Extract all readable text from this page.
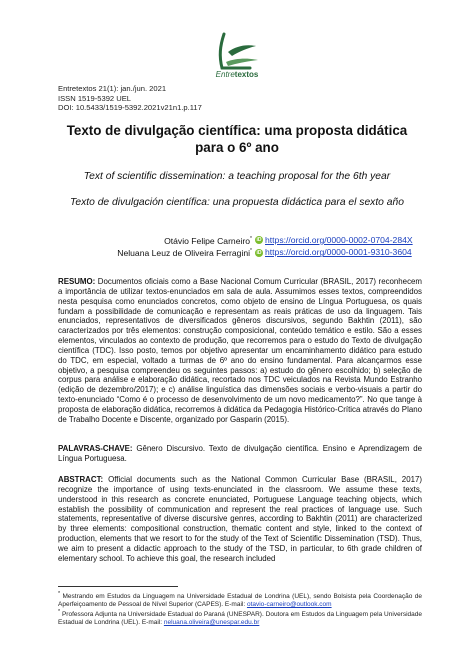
Entretextos
Entretextos 21(1): jan./jun. 2021
ISSN 1519-5392 UEL
DOI: 10.5433/1519-5392.2021v21n1.p.117
Texto de divulgação científica: uma proposta didática
para o 6º ano
Text of scientific dissemination: a teaching proposal for the 6th year
Texto de divulgación científica: una propuesta didáctica para el sexto año
Otávio Felipe Carneiro* iD https://orcid.org/0000-0002-0704-284X
Neluana Leuz de Oliveira Ferragini* iD https://orcid.org/0000-0001-9310-3604
RESUMO: Documentos oficiais como a Base Nacional Comum Curricular (BRASIL, 2017) reconhecem a importância de utilizar textos-enunciados em sala de aula. Assumimos esses textos, compreendidos nesta pesquisa como enunciados concretos, como objeto de ensino de Língua Portuguesa, os quais fundam a possibilidade de comunicação e representam as reais práticas de uso da linguagem. Tais enunciados, representativos de diversificados gêneros discursivos, segundo Bakhtin (2011), são caracterizados por três elementos: construção composicional, conteúdo temático e estilo. São a esses elementos, vinculados ao contexto de produção, que recorremos para o estudo do Texto de divulgação científica (TDC). Isso posto, temos por objetivo apresentar um encaminhamento didático para estudo do TDC, em especial, voltado a turmas de 6º ano do ensino fundamental. Para alcançarmos esse objetivo, a pesquisa compreendeu os seguintes passos: a) estudo do gênero escolhido; b) seleção de corpus para análise e elaboração didática, recortado nos TDC veiculados na Revista Mundo Estranho (edição de dezembro/2017); e c) análise linguística das dimensões sociais e verbo-visuais a partir do texto-enunciado “Como é o processo de desenvolvimento de um novo medicamento?”. No que tange à proposta de elaboração didática, recorremos à didática da Pedagogia Histórico-Crítica através do Plano de Trabalho Docente e Discente, organizado por Gasparin (2015).
PALAVRAS-CHAVE: Gênero Discursivo. Texto de divulgação científica. Ensino e Aprendizagem de Língua Portuguesa.
ABSTRACT: Official documents such as the National Common Curricular Base (BRASIL, 2017) recognize the importance of using texts-enunciated in the classroom. We assume these texts, understood in this research as concrete enunciated, Portuguese Language teaching objects, which establish the possibility of communication and represent the real practices of language use. Such statements, representative of diverse discursive genres, according to Bakhtin (2011) are characterized by three elements: compositional construction, thematic content and style, linked to the context of production, elements that we resort to for the study of the Text of Scientific Dissemination (TSD). Thus, we aim to present a didactic approach to the study of the TSD, in particular, to 6th grade children of elementary school. To achieve this goal, the research included
* Mestrando em Estudos da Linguagem na Universidade Estadual de Londrina (UEL), sendo Bolsista pela Coordenação de Aperfeiçoamento de Pessoal de Nível Superior (CAPES). E-mail: otavio-carneiro@outlook.com
* Professora Adjunta na Universidade Estadual do Paraná (UNESPAR). Doutora em Estudos da Linguagem pela Universidade Estadual de Londrina (UEL). E-mail: neluana.oliveira@unespar.edu.br
